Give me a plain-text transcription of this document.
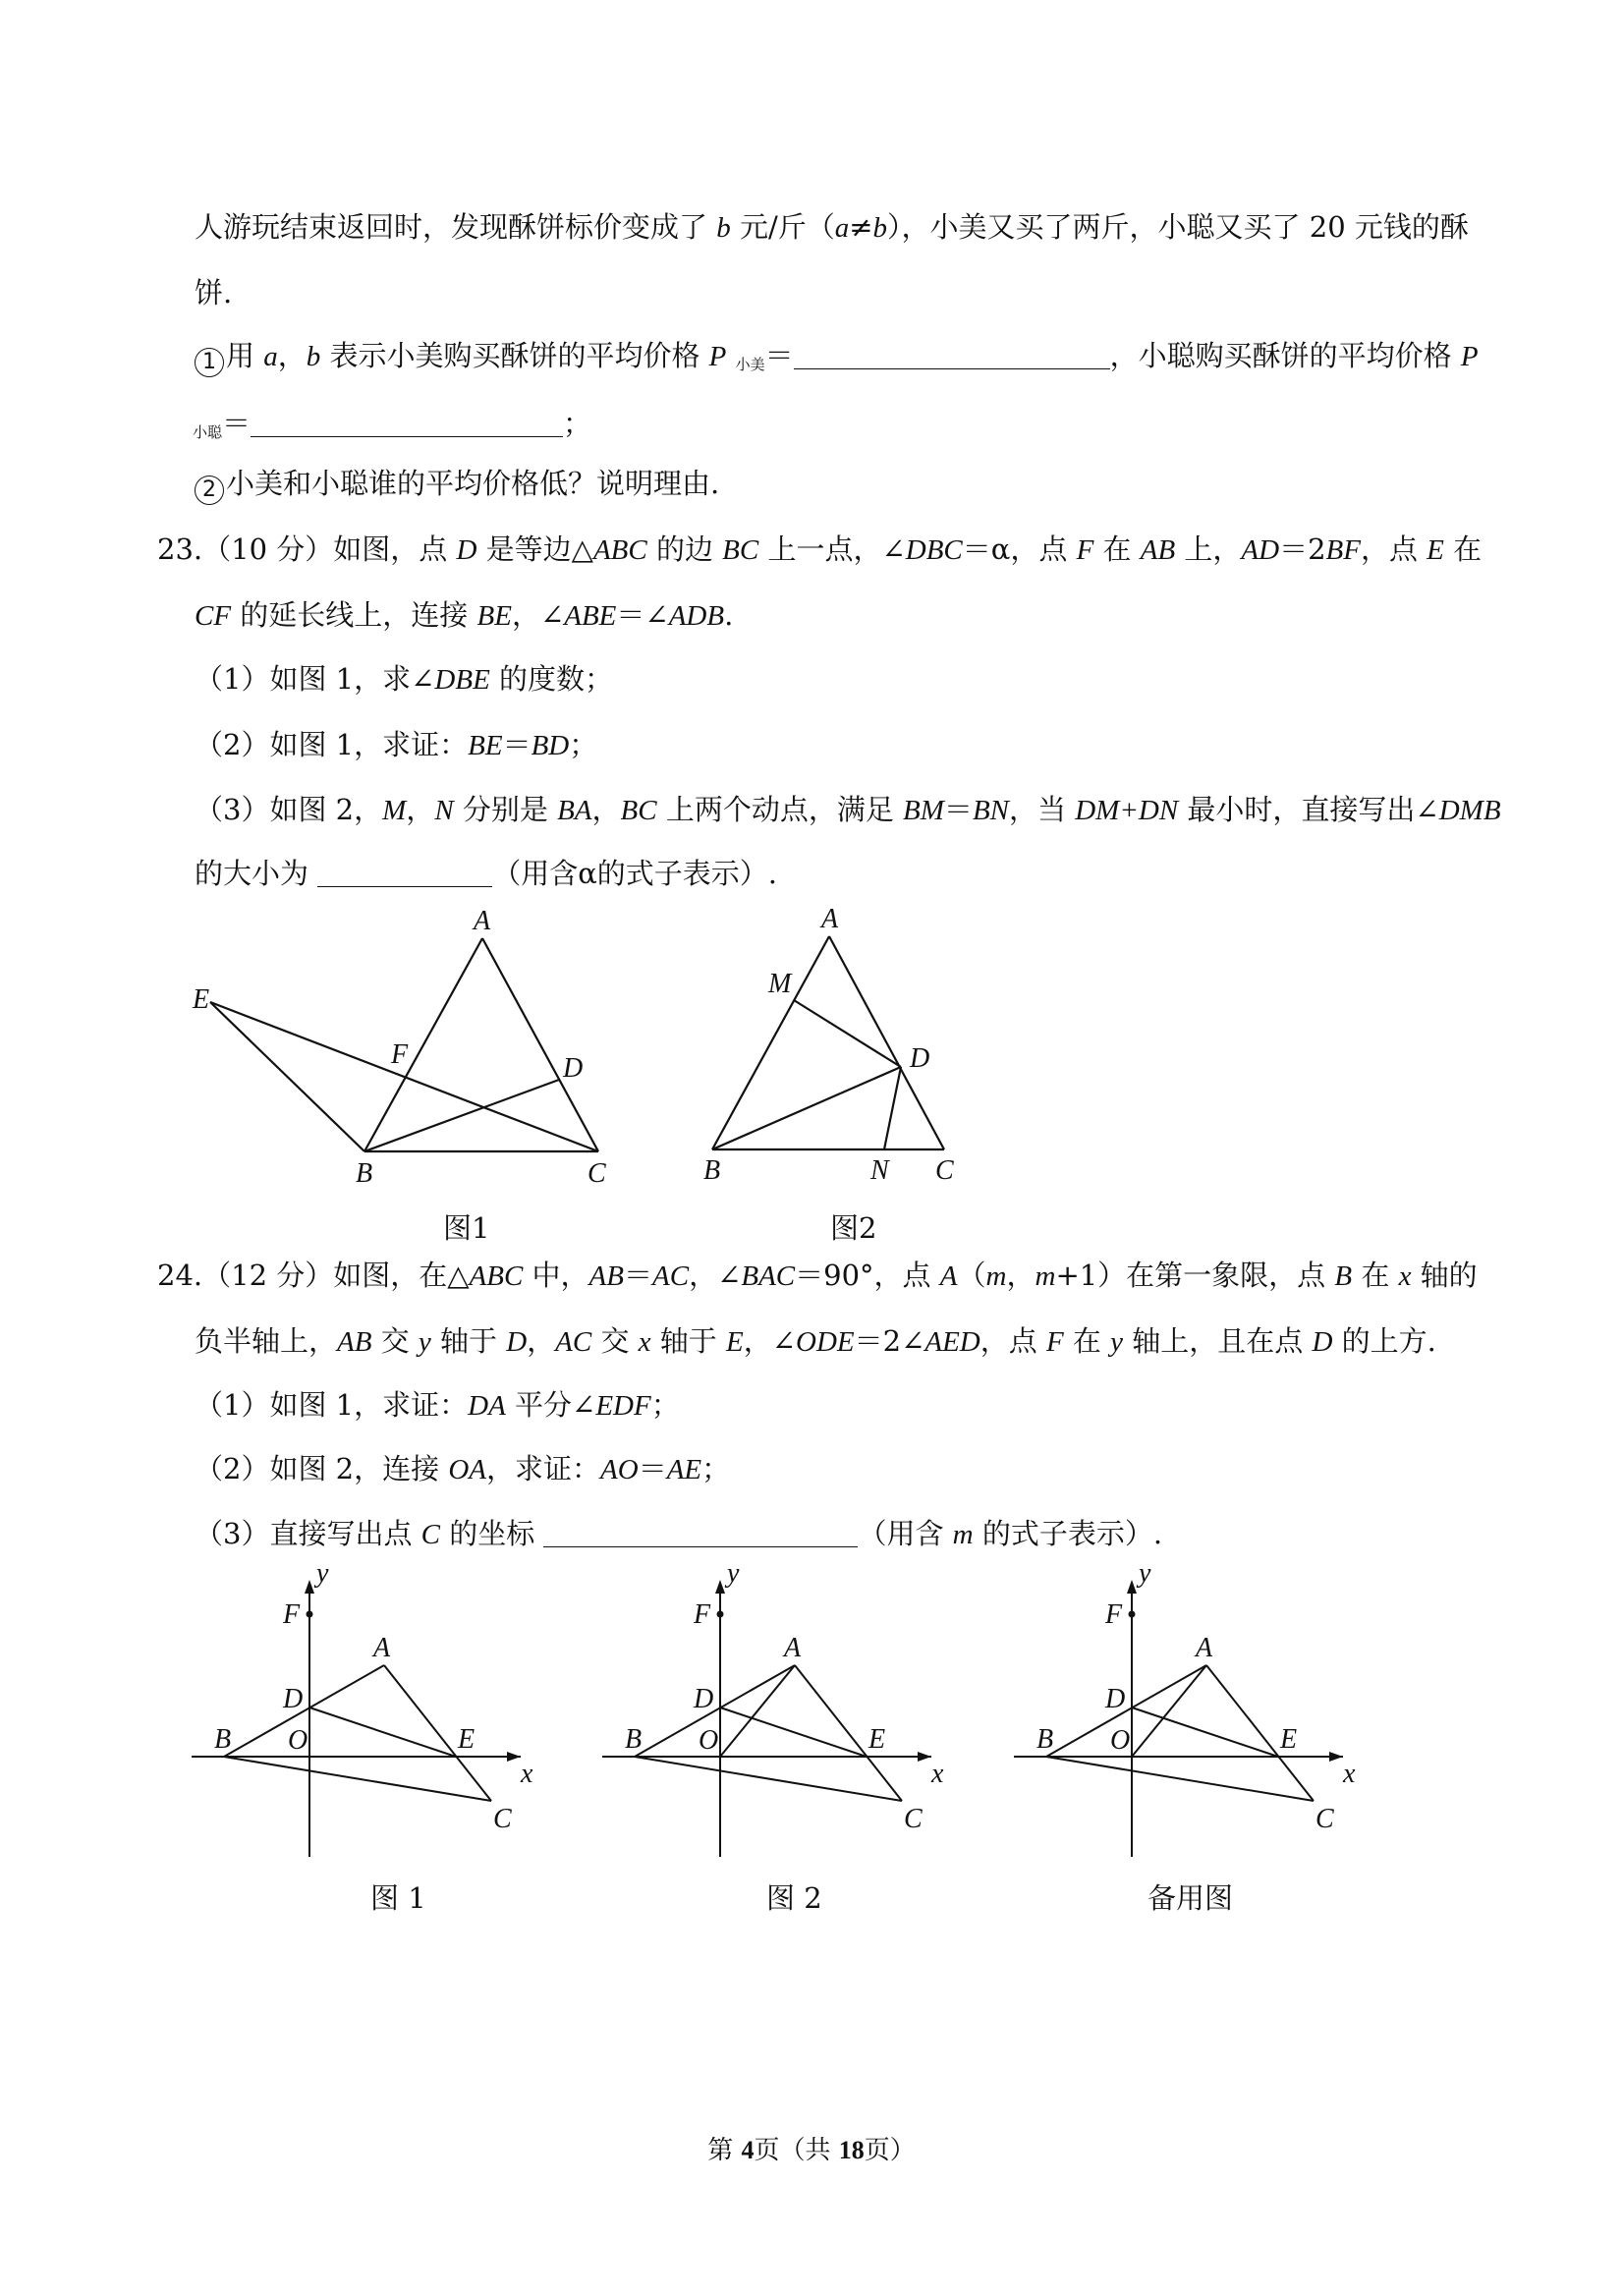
人游玩结束返回时，发现酥饼标价变成了 b 元/斤（a≠b），小美又买了两斤，小聪又买了 20 元钱的酥
饼.
1 用 a，b 表示小美购买酥饼的平均价格 P $_{小美}$＝	，小聪购买酥饼的平均价格 P
$_{小聪}$＝	；
2 小美和小聪谁的平均价格低？说明理由.
23.（10 分）如图，点 D 是等边△ABC 的边 BC 上一点，∠DBC＝α，点 F 在 AB 上，AD＝2BF，点 E 在
CF 的延长线上，连接 BE，∠ABE＝∠ADB.
（1）如图 1，求∠DBE 的度数；
（2）如图 1，求证：BE＝BD；
（3）如图 2，M，N 分别是 BA，BC 上两个动点，满足 BM＝BN，当 DM+DN 最小时，直接写出∠DMB
的大小为	（用含α的式子表示）.
A
E
F	D
B	C
图1
A
M
D
B	N C
图2
24.（12 分）如图，在△ABC 中，AB＝AC，∠BAC＝90°，点 A（m，m+1）在第一象限，点 B 在 x 轴的
负半轴上，AB 交 y 轴于 D，AC 交 x 轴于 E，∠ODE＝2∠AED，点 F 在 y 轴上，且在点 D 的上方.
（1）如图 1，求证：DA 平分∠EDF；
（2）如图 2，连接 OA，求证：AO＝AE；
（3）直接写出点 C 的坐标	（用含 m 的式子表示）.
y
F
A
D
B O	E
x
C
图 1
y
F
A
D
B O	E
x
C
图 2
y
F
A
D
B O	E
x
C
备用图
第 4页（共 18页）
